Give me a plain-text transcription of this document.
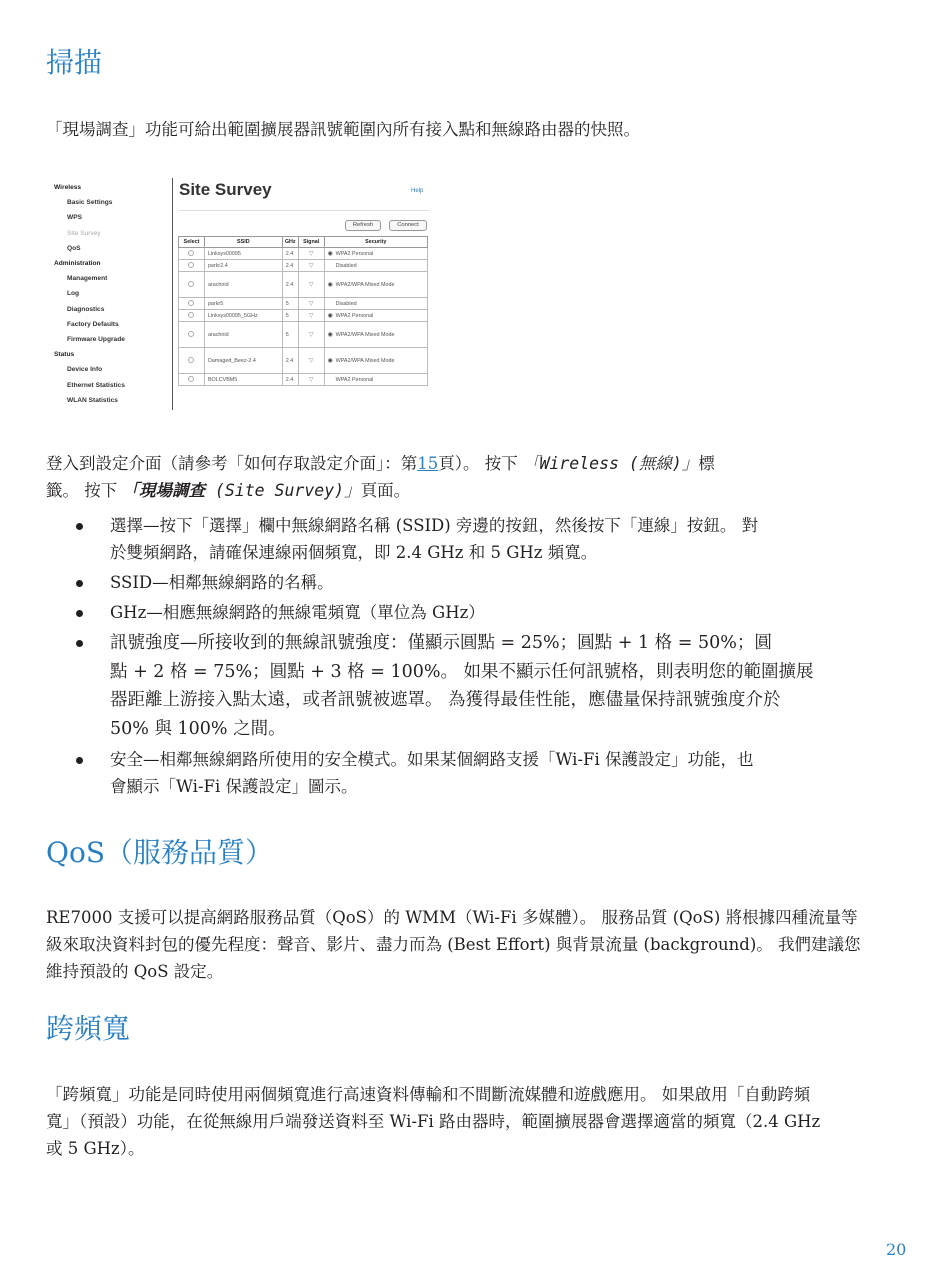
掃描

「現場調查」功能可給出範圍擴展器訊號範圍內所有接入點和無線路由器的快照。

Wireless
Basic Settings
WPS
Site Survey
QoS
Administration
Management
Log
Diagnostics
Factory Defaults
Firmware Upgrade
Status
Device Info
Ethernet Statistics
WLAN Statistics
Site Survey	Help
Refresh	Connect
Select	SSID	GHz	Signal	Security
	Linksys00095	2.4	▽	◉ WPA2 Personal
	parkr2.4	2.4	▽	Disabled
	arachnid	2.4	▽	◉ WPA2/WPA Mixed Mode
	parkr5	5	▽	Disabled
	Linksys00095_5GHz	5	▽	◉ WPA2 Personal
	arachnid	5	▽	◉ WPA2/WPA Mixed Mode
	Damaged_Beez-2.4	2.4	▽	◉ WPA2/WPA Mixed Mode
	BOLCVBM5	2.4	▽	WPA2 Personal

登入到設定介面（請參考「如何存取設定介面」：第15頁）。 按下 「Wireless (無線)」標

籤。 按下 「現場調查 (Site Survey)」頁面。

選擇—按下「選擇」欄中無線網路名稱 (SSID) 旁邊的按鈕，然後按下「連線」按鈕。 對
於雙頻網路，請確保連線兩個頻寬，即 2.4 GHz 和 5 GHz 頻寬。
SSID—相鄰無線網路的名稱。
GHz—相應無線網路的無線電頻寬（單位為 GHz）
訊號強度—所接收到的無線訊號強度：僅顯示圓點 = 25%；圓點 + 1 格 = 50%；圓
點 + 2 格 = 75%；圓點 + 3 格 = 100%。 如果不顯示任何訊號格，則表明您的範圍擴展
器距離上游接入點太遠，或者訊號被遮罩。 為獲得最佳性能，應儘量保持訊號強度介於
50% 與 100% 之間。
安全—相鄰無線網路所使用的安全模式。如果某個網路支援「Wi-Fi 保護設定」功能，也
會顯示「Wi-Fi 保護設定」圖示。
QoS（服務品質）

RE7000 支援可以提高網路服務品質（QoS）的 WMM（Wi-Fi 多媒體）。 服務品質 (QoS) 將根據四種流量等

級來取決資料封包的優先程度：聲音、影片、盡力而為 (Best Effort) 與背景流量 (background)。 我們建議您

維持預設的 QoS 設定。

跨頻寬

「跨頻寬」功能是同時使用兩個頻寬進行高速資料傳輸和不間斷流媒體和遊戲應用。 如果啟用「自動跨頻

寬」（預設）功能，在從無線用戶端發送資料至 Wi-Fi 路由器時，範圍擴展器會選擇適當的頻寬（2.4 GHz

或 5 GHz）。

20
